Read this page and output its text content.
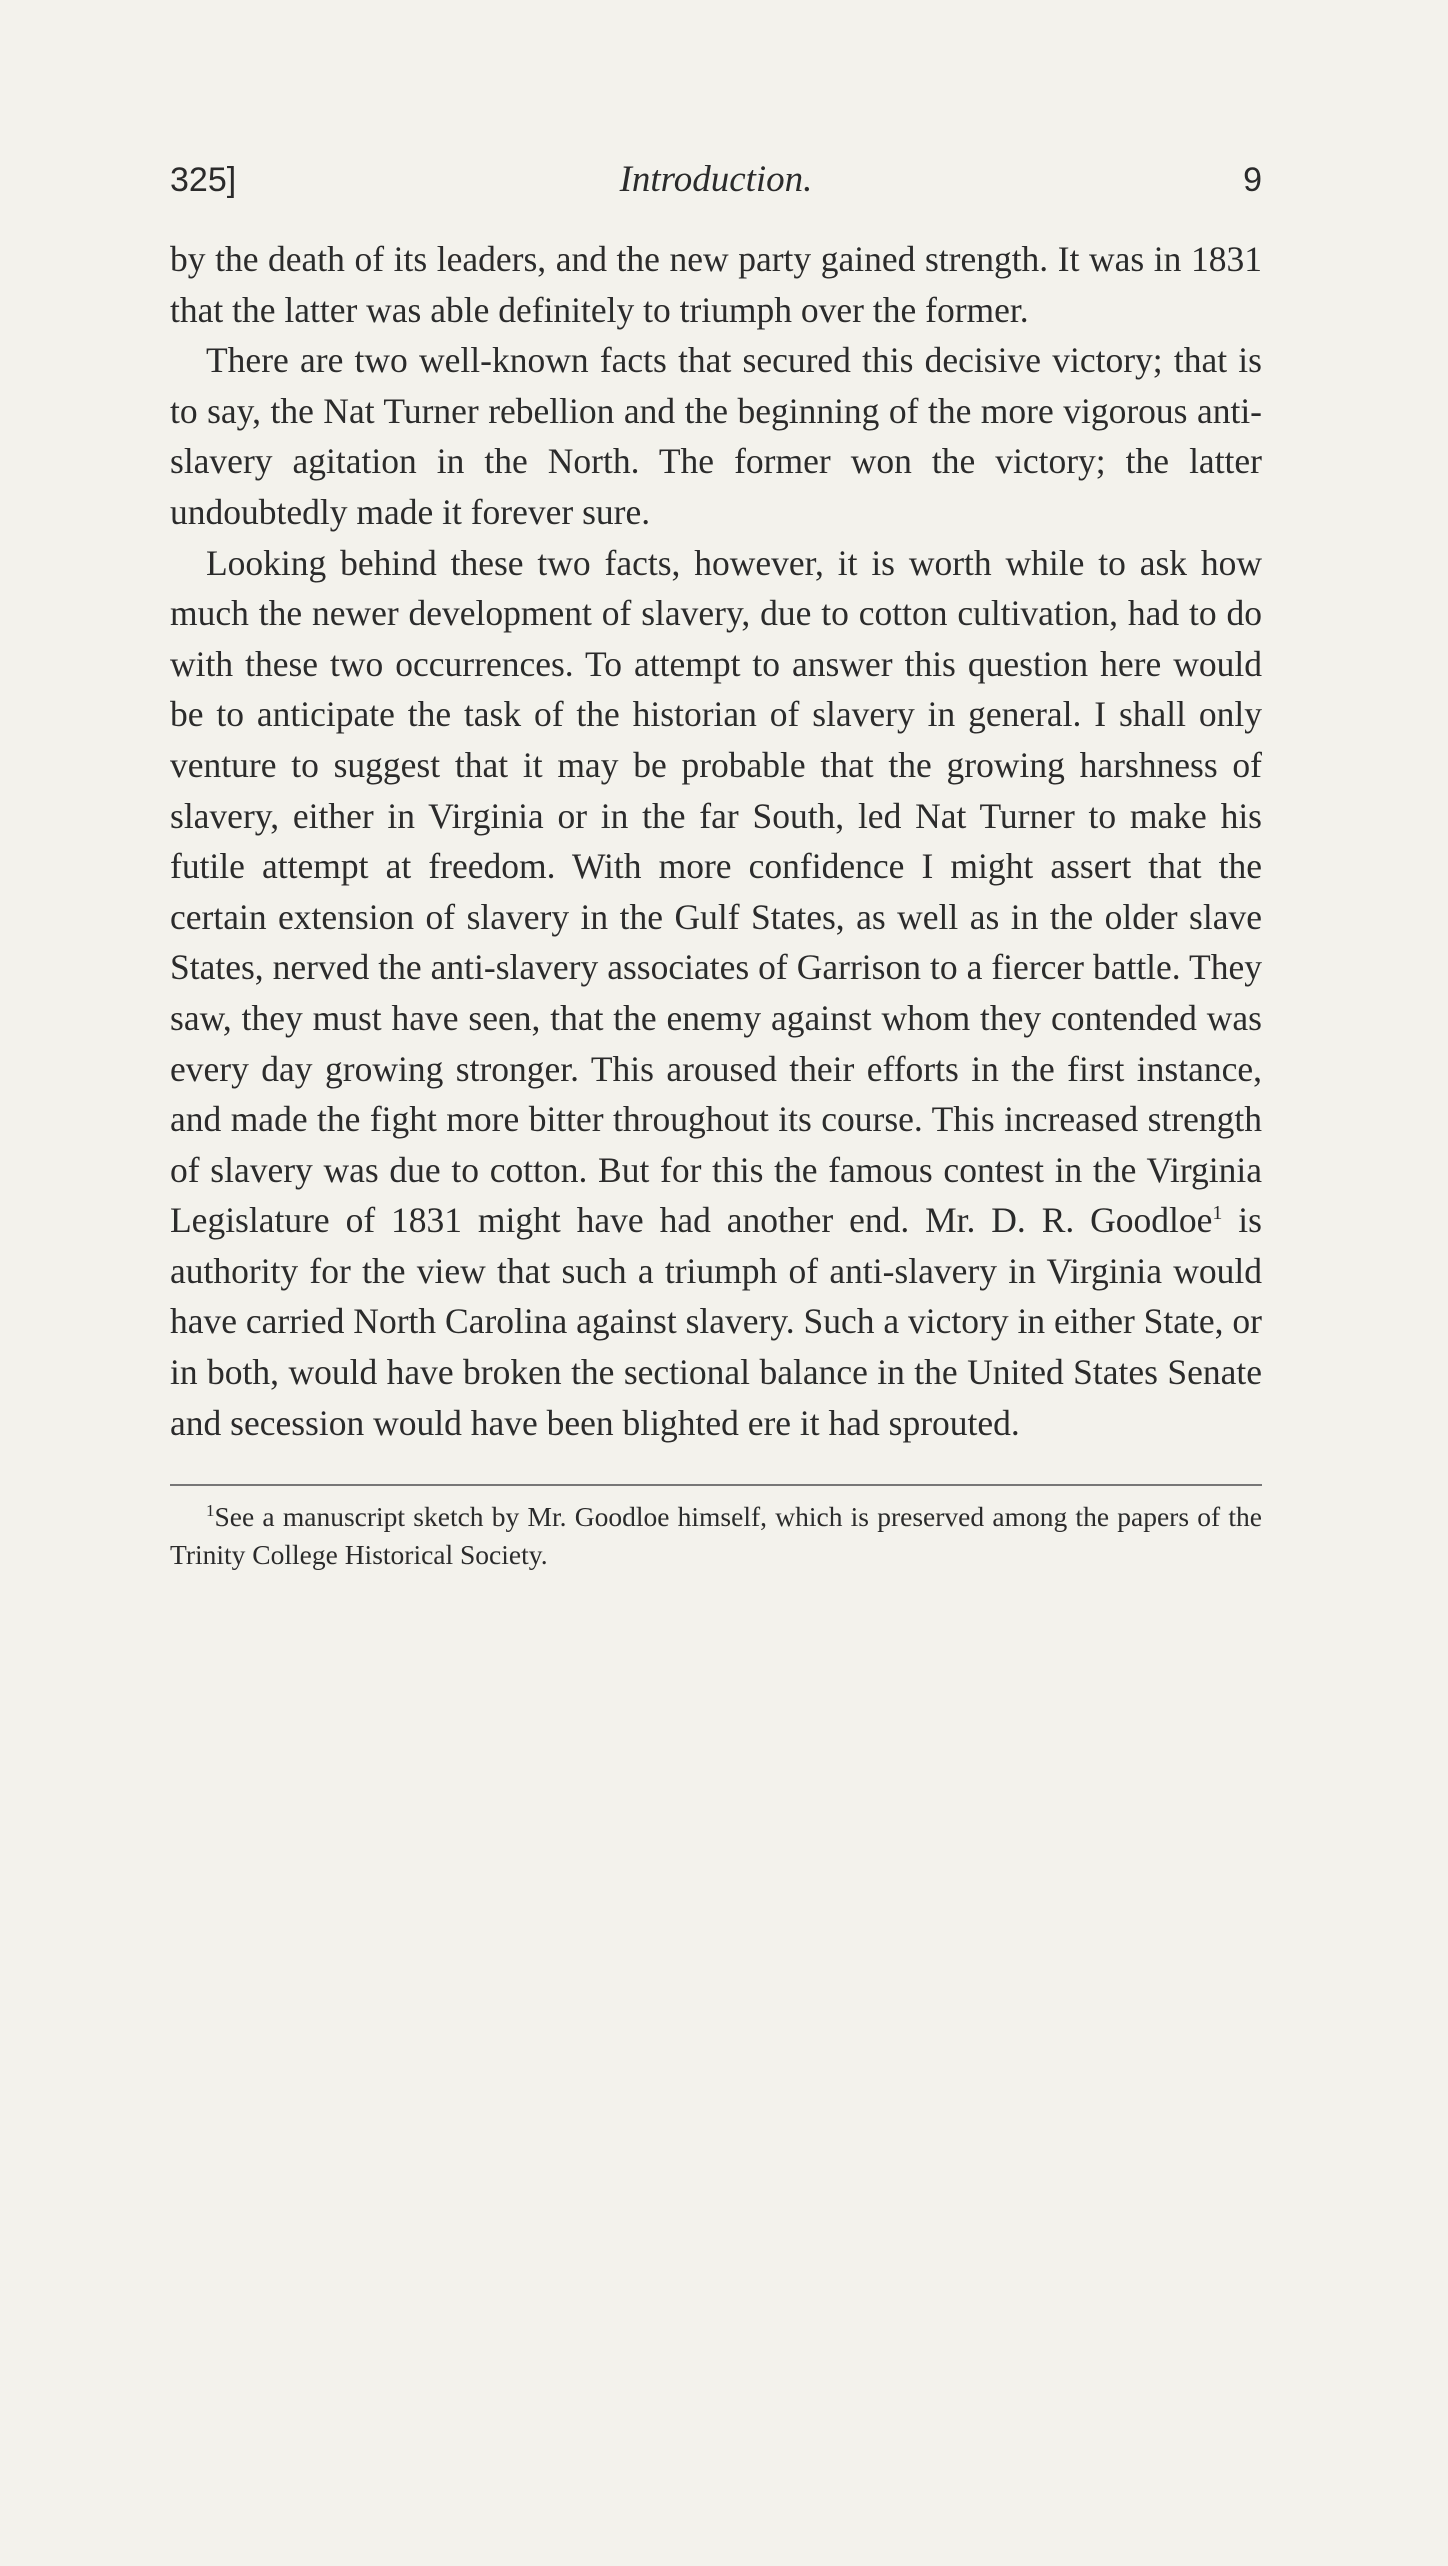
325]	Introduction.	9

by the death of its leaders, and the new party gained strength. It was in 1831 that the latter was able definitely to triumph over the former.

There are two well-known facts that secured this decisive victory; that is to say, the Nat Turner rebellion and the beginning of the more vigorous anti-slavery agitation in the North. The former won the victory; the latter undoubtedly made it forever sure.

Looking behind these two facts, however, it is worth while to ask how much the newer development of slavery, due to cotton cultivation, had to do with these two occurrences. To attempt to answer this question here would be to anticipate the task of the historian of slavery in general. I shall only venture to suggest that it may be probable that the growing harshness of slavery, either in Virginia or in the far South, led Nat Turner to make his futile attempt at freedom. With more confidence I might assert that the certain extension of slavery in the Gulf States, as well as in the older slave States, nerved the anti-slavery associates of Garrison to a fiercer battle. They saw, they must have seen, that the enemy against whom they contended was every day growing stronger. This aroused their efforts in the first instance, and made the fight more bitter throughout its course. This increased strength of slavery was due to cotton. But for this the famous contest in the Virginia Legislature of 1831 might have had another end. Mr. D. R. Goodloe$^1$ is authority for the view that such a triumph of anti-slavery in Virginia would have carried North Carolina against slavery. Such a victory in either State, or in both, would have broken the sectional balance in the United States Senate and secession would have been blighted ere it had sprouted.

$^1$See a manuscript sketch by Mr. Goodloe himself, which is preserved among the papers of the Trinity College Historical Society.
